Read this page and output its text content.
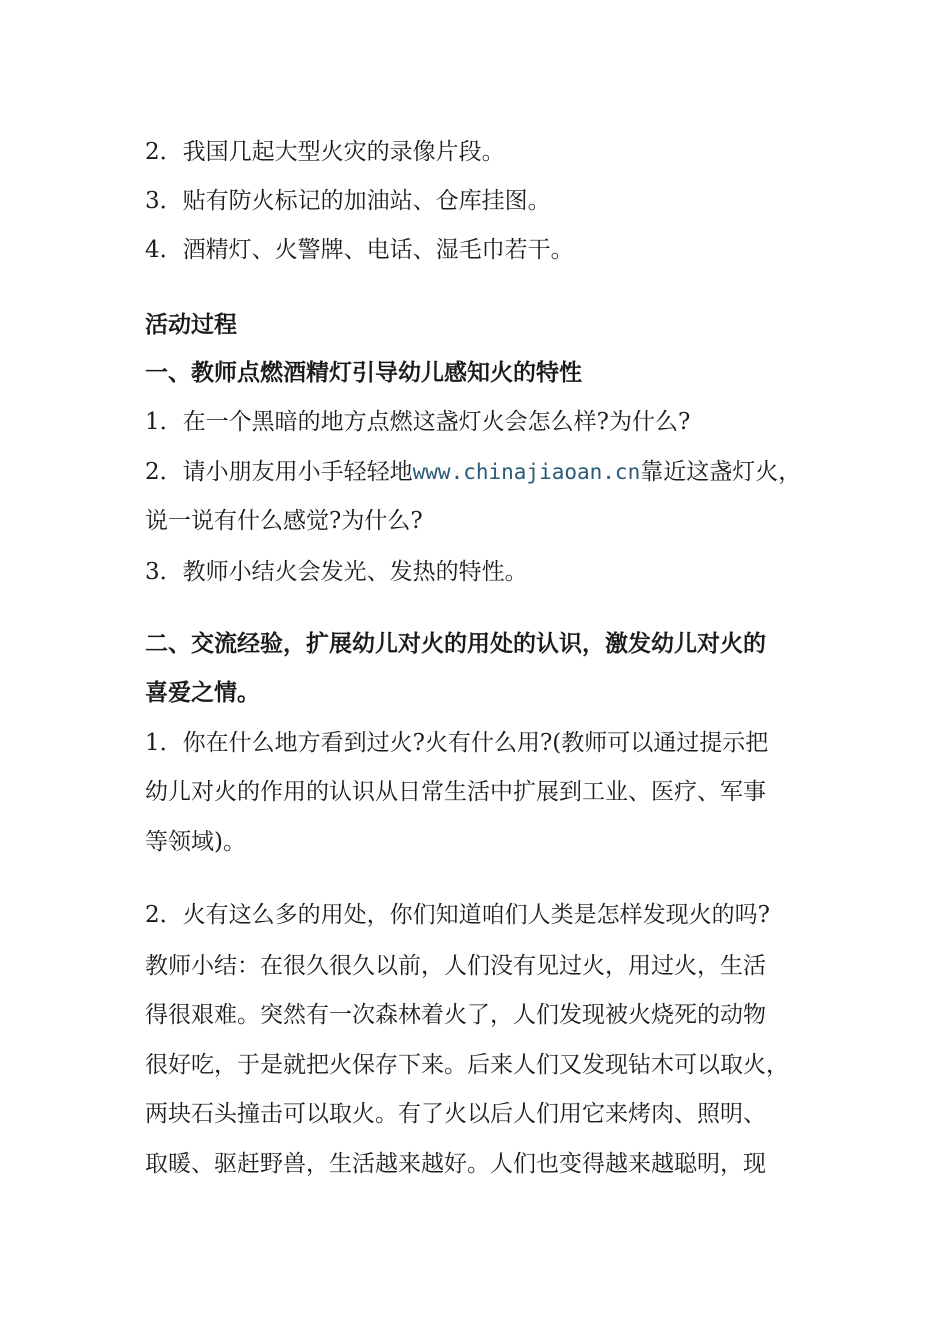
2．我国几起大型火灾的录像片段。

3．贴有防火标记的加油站、仓库挂图。

4．酒精灯、火警牌、电话、湿毛巾若干。

活动过程

一、教师点燃酒精灯引导幼儿感知火的特性

1．在一个黑暗的地方点燃这盏灯火会怎么样?为什么?

2．请小朋友用小手轻轻地www.chinajiaoan.cn靠近这盏灯火，

说一说有什么感觉?为什么?

3．教师小结火会发光、发热的特性。

二、交流经验，扩展幼儿对火的用处的认识，激发幼儿对火的

喜爱之情。

1．你在什么地方看到过火?火有什么用?(教师可以通过提示把

幼儿对火的作用的认识从日常生活中扩展到工业、医疗、军事

等领域)。

2．火有这么多的用处，你们知道咱们人类是怎样发现火的吗?

教师小结：在很久很久以前，人们没有见过火，用过火，生活

得很艰难。突然有一次森林着火了，人们发现被火烧死的动物

很好吃，于是就把火保存下来。后来人们又发现钻木可以取火，

两块石头撞击可以取火。有了火以后人们用它来烤肉、照明、

取暖、驱赶野兽，生活越来越好。人们也变得越来越聪明，现
